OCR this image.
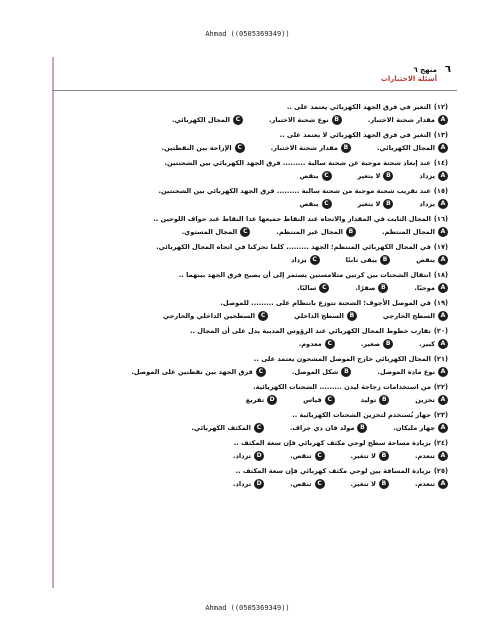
Ahmad ((0505369349))
٦
منهج ٦
أسئلة الاختبارات
(١٢)التغير في فرق الجهد الكهربائي يعتمد على ..
A
مقدار شحنة الاختبار.
B
نوع شحنة الاختبار.
C
المجال الكهربائي.
(١٣)التغير في فرق الجهد الكهربائي لا يعتمد على ..
A
المجال الكهربائي.
B
مقدار شحنة الاختبار.
C
الإزاحة بين النقطتين.
(١٤)عند إبعاد شحنة موجبة عن شحنة سالبة ......... فرق الجهد الكهربائي بين الشحنتين.
A
يزداد
B
لا يتغير
C
ينقص
(١٥)عند تقريب شحنة موجبة من شحنة سالبة ......... فرق الجهد الكهربائي بين الشحنتين.
A
يزداد
B
لا يتغير
C
ينقص
(١٦)المجال الثابت في المقدار والاتجاه عند النقاط جميعها عدا النقاط عند حواف اللوحين ..
A
المجال المنتظم.
B
المجال غير المنتظم.
C
المجال المستوي.
(١٧)في المجال الكهربائي المنتظم؛ الجهد ......... كلما تحركنا في اتجاه المجال الكهربائي.
A
ينقص
B
يبقى ثابتًا
C
يزداد
(١٨)انتقال الشحنات بين كرتين متلامستين يستمر إلى أن يصبح فرق الجهد بينهما ..
A
موجبًا.
B
صفرًا.
C
سالبًا.
(١٩)في الموصل الأجوف؛ الشحنة تتوزع بانتظام على ......... للموصل.
A
السطح الخارجي
B
السطح الداخلي
C
السطحين الداخلي والخارجي
(٢٠)تقارب خطوط المجال الكهربائي عند الرؤوس المدببة يدل على أن المجال ..
A
كبير.
B
صغير.
C
معدوم.
(٢١)المجال الكهربائي خارج الموصل المشحون يعتمد على ..
A
نوع مادة الموصل.
B
شكل الموصل.
C
فرق الجهد بين نقطتين على الموصل.
(٢٢)من استخدامات زجاجة ليدن ......... الشحنات الكهربائية.
A
تخزين
B
توليد
C
قياس
D
تفريغ
(٢٣)جهاز يُستخدم لتخزين الشحنات الكهربائية ..
A
جهاز مليكان.
B
مولد فان دي جراف.
C
المكثف الكهربائي.
(٢٤)بزيادة مساحة سطح لوحي مكثف كهربائي فإن سعة المكثف ..
A
تنعدم.
B
لا تتغير.
C
تنقص.
D
تزداد.
(٢٥)بزيادة المسافة بين لوحي مكثف كهربائي فإن سعة المكثف ..
A
تنعدم.
B
لا تتغير.
C
تنقص.
D
تزداد.
Ahmad ((0505369349))
